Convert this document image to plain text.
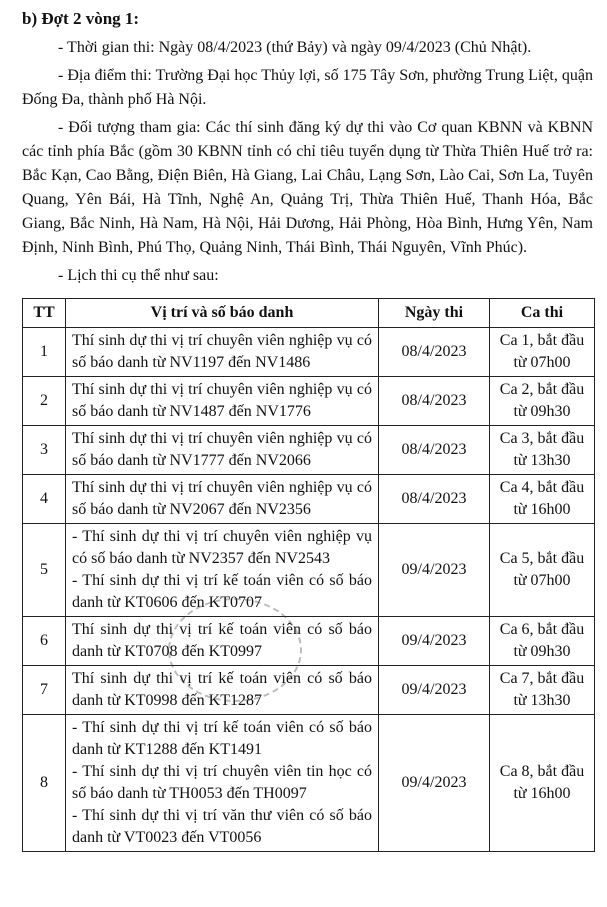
b) Đợt 2 vòng 1:

- Thời gian thi: Ngày 08/4/2023 (thứ Bảy) và ngày 09/4/2023 (Chủ Nhật).

- Địa điểm thi: Trường Đại học Thủy lợi, số 175 Tây Sơn, phường Trung Liệt, quận Đống Đa, thành phố Hà Nội.

- Đối tượng tham gia: Các thí sinh đăng ký dự thi vào Cơ quan KBNN và KBNN các tỉnh phía Bắc (gồm 30 KBNN tỉnh có chỉ tiêu tuyển dụng từ Thừa Thiên Huế trở ra: Bắc Kạn, Cao Bằng, Điện Biên, Hà Giang, Lai Châu, Lạng Sơn, Lào Cai, Sơn La, Tuyên Quang, Yên Bái, Hà Tĩnh, Nghệ An, Quảng Trị, Thừa Thiên Huế, Thanh Hóa, Bắc Giang, Bắc Ninh, Hà Nam, Hà Nội, Hải Dương, Hải Phòng, Hòa Bình, Hưng Yên, Nam Định, Ninh Bình, Phú Thọ, Quảng Ninh, Thái Bình, Thái Nguyên, Vĩnh Phúc).

- Lịch thi cụ thể như sau:

TT	Vị trí và số báo danh	Ngày thi	Ca thi
1	Thí sinh dự thi vị trí chuyên viên nghiệp vụ có số báo danh từ NV1197 đến NV1486	08/4/2023	Ca 1, bắt đầu từ 07h00
2	Thí sinh dự thi vị trí chuyên viên nghiệp vụ có số báo danh từ NV1487 đến NV1776	08/4/2023	Ca 2, bắt đầu từ 09h30
3	Thí sinh dự thi vị trí chuyên viên nghiệp vụ có số báo danh từ NV1777 đến NV2066	08/4/2023	Ca 3, bắt đầu từ 13h30
4	Thí sinh dự thi vị trí chuyên viên nghiệp vụ có số báo danh từ NV2067 đến NV2356	08/4/2023	Ca 4, bắt đầu từ 16h00
5	- Thí sinh dự thi vị trí chuyên viên nghiệp vụ có số báo danh từ NV2357 đến NV2543
- Thí sinh dự thi vị trí kế toán viên có số báo danh từ KT0606 đến KT0707	09/4/2023	Ca 5, bắt đầu từ 07h00
6	Thí sinh dự thi vị trí kế toán viên có số báo danh từ KT0708 đến KT0997	09/4/2023	Ca 6, bắt đầu từ 09h30
7	Thí sinh dự thi vị trí kế toán viên có số báo danh từ KT0998 đến KT1287	09/4/2023	Ca 7, bắt đầu từ 13h30
8	- Thí sinh dự thi vị trí kế toán viên có số báo danh từ KT1288 đến KT1491
- Thí sinh dự thi vị trí chuyên viên tin học có số báo danh từ TH0053 đến TH0097
- Thí sinh dự thi vị trí văn thư viên có số báo danh từ VT0023 đến VT0056	09/4/2023	Ca 8, bắt đầu từ 16h00
